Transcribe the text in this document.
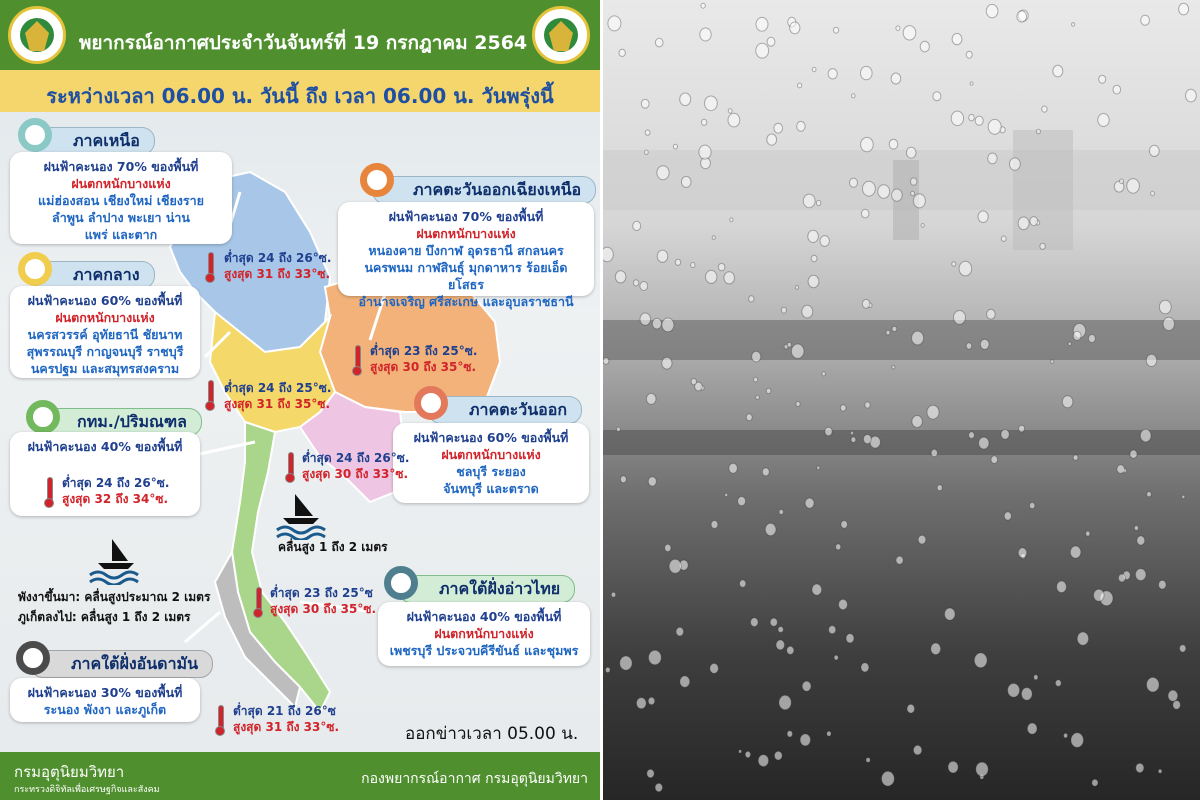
พยากรณ์อากาศประจำวันจันทร์ที่ 19 กรกฎาคม 2564
ระหว่างเวลา 06.00 น. วันนี้ ถึง เวลา 06.00 น. วันพรุ่งนี้
คลื่นสูง 1 ถึง 2 เมตร
พังงาขึ้นมา: คลื่นสูงประมาณ 2 เมตร
ภูเก็ตลงไป: คลื่นสูง 1 ถึง 2 เมตร
ภาคเหนือ
ฝนฟ้าคะนอง 70% ของพื้นที่
ฝนตกหนักบางแห่ง
แม่ฮ่องสอน เชียงใหม่ เชียงราย
ลำพูน ลำปาง พะเยา น่าน
แพร่ และตาก
ต่ำสุด 24 ถึง 26°ซ.
สูงสุด 31 ถึง 33°ซ.
ภาคตะวันออกเฉียงเหนือ
ฝนฟ้าคะนอง 70% ของพื้นที่
ฝนตกหนักบางแห่ง
หนองคาย บึงกาฬ อุดรธานี สกลนคร
นครพนม กาฬสินธุ์ มุกดาหาร ร้อยเอ็ด ยโสธร
อำนาจเจริญ ศรีสะเกษ และอุบลราชธานี
ต่ำสุด 23 ถึง 25°ซ.
สูงสุด 30 ถึง 35°ซ.
ภาคกลาง
ฝนฟ้าคะนอง 60% ของพื้นที่
ฝนตกหนักบางแห่ง
นครสวรรค์ อุทัยธานี ชัยนาท
สุพรรณบุรี กาญจนบุรี ราชบุรี
นครปฐม และสมุทรสงคราม
ต่ำสุด 24 ถึง 25°ซ.
สูงสุด 31 ถึง 35°ซ.	ภาคตะวันออก
ฝนฟ้าคะนอง 60% ของพื้นที่
ฝนตกหนักบางแห่ง
ชลบุรี ระยอง
จันทบุรี และตราด
ต่ำสุด 24 ถึง 26°ซ.
สูงสุด 30 ถึง 33°ซ.
กทม./ปริมณฑล
ฝนฟ้าคะนอง 40% ของพื้นที่
ต่ำสุด 24 ถึง 26°ซ.
สูงสุด 32 ถึง 34°ซ.
ภาคใต้ฝั่งอ่าวไทย
ฝนฟ้าคะนอง 40% ของพื้นที่
ฝนตกหนักบางแห่ง
เพชรบุรี ประจวบคีรีขันธ์ และชุมพร
ต่ำสุด 23 ถึง 25°ซ
สูงสุด 30 ถึง 35°ซ.
ภาคใต้ฝั่งอันดามัน
ฝนฟ้าคะนอง 30% ของพื้นที่
ระนอง พังงา และภูเก็ต	ต่ำสุด 21 ถึง 26°ซ
สูงสุด 31 ถึง 33°ซ.	ออกข่าวเวลา 05.00 น.
กรมอุตุนิยมวิทยา
กระทรวงดิจิทัลเพื่อเศรษฐกิจและสังคม
กองพยากรณ์อากาศ กรมอุตุนิยมวิทยา
